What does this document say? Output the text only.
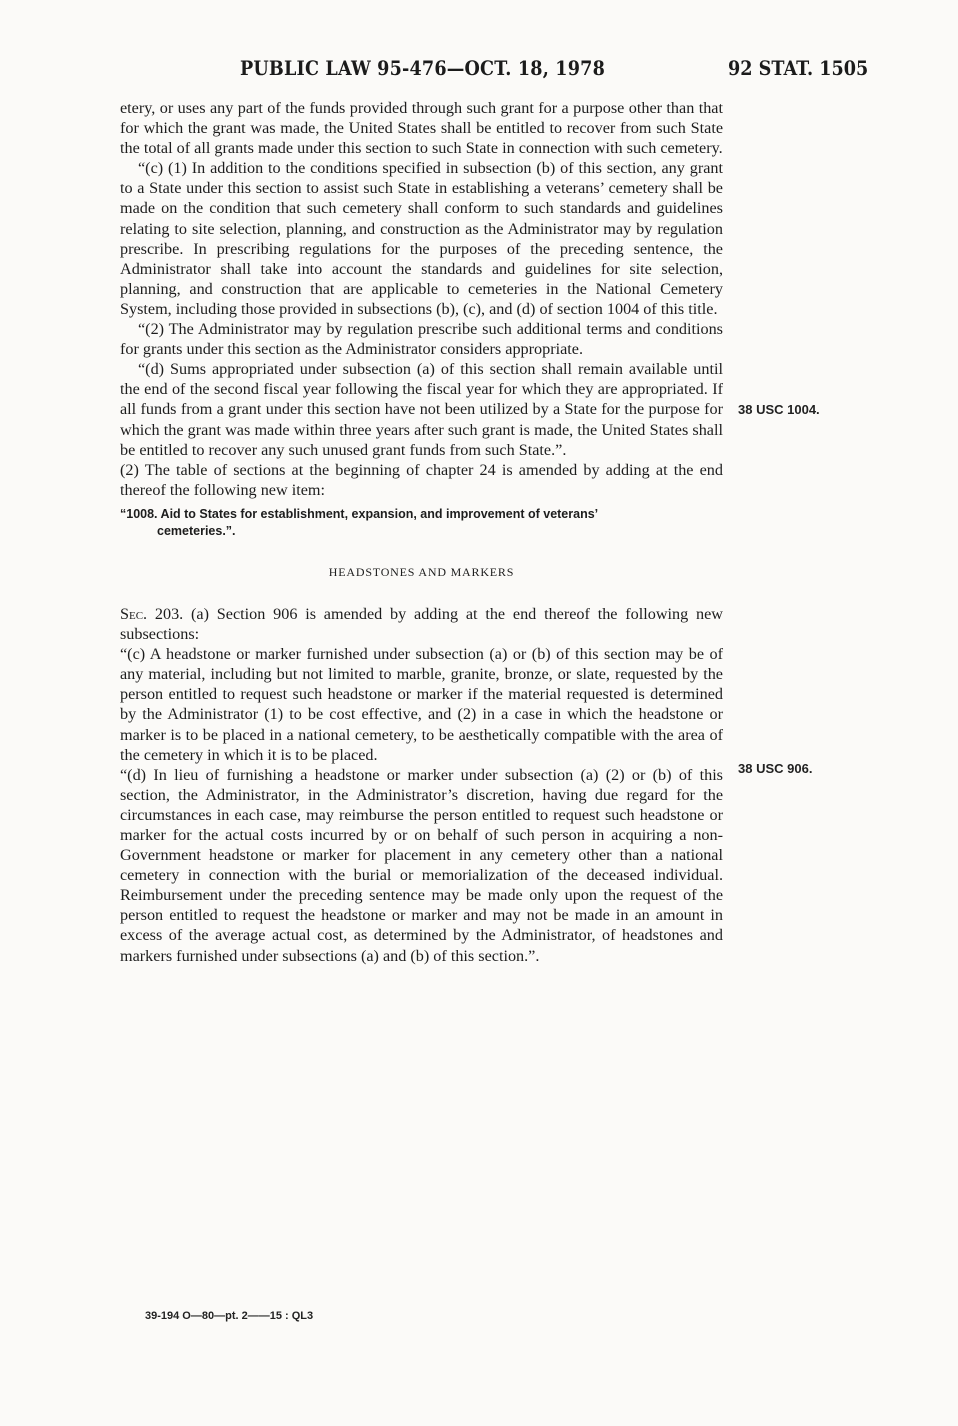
PUBLIC LAW 95-476—OCT. 18, 1978	92 STAT. 1505

etery, or uses any part of the funds provided through such grant for a purpose other than that for which the grant was made, the United States shall be entitled to recover from such State the total of all grants made under this section to such State in connection with such cemetery.

“(c) (1) In addition to the conditions specified in subsection (b) of this section, any grant to a State under this section to assist such State in establishing a veterans’ cemetery shall be made on the condition that such cemetery shall conform to such standards and guidelines relating to site selection, planning, and construction as the Administrator may by regulation prescribe. In prescribing regulations for the purposes of the preceding sentence, the Administrator shall take into account the standards and guidelines for site selection, planning, and construction that are applicable to cemeteries in the National Cemetery System, including those provided in subsections (b), (c), and (d) of section 1004 of this title.

“(2) The Administrator may by regulation prescribe such additional terms and conditions for grants under this section as the Administrator considers appropriate.

“(d) Sums appropriated under subsection (a) of this section shall remain available until the end of the second fiscal year following the fiscal year for which they are appropriated. If all funds from a grant under this section have not been utilized by a State for the purpose for which the grant was made within three years after such grant is made, the United States shall be entitled to recover any such unused grant funds from such State.”.

(2) The table of sections at the beginning of chapter 24 is amended by adding at the end thereof the following new item:

“1008. Aid to States for establishment, expansion, and improvement of veterans’
cemeteries.”.

HEADSTONES AND MARKERS

Sec. 203. (a) Section 906 is amended by adding at the end thereof the following new subsections:

“(c) A headstone or marker furnished under subsection (a) or (b) of this section may be of any material, including but not limited to marble, granite, bronze, or slate, requested by the person entitled to request such headstone or marker if the material requested is determined by the Administrator (1) to be cost effective, and (2) in a case in which the headstone or marker is to be placed in a national cemetery, to be aesthetically compatible with the area of the cemetery in which it is to be placed.

“(d) In lieu of furnishing a headstone or marker under subsection (a) (2) or (b) of this section, the Administrator, in the Administrator’s discretion, having due regard for the circumstances in each case, may reimburse the person entitled to request such headstone or marker for the actual costs incurred by or on behalf of such person in acquiring a non-Government headstone or marker for placement in any cemetery other than a national cemetery in connection with the burial or memorialization of the deceased individual. Reimbursement under the preceding sentence may be made only upon the request of the person entitled to request the headstone or marker and may not be made in an amount in excess of the average actual cost, as determined by the Administrator, of headstones and markers furnished under subsections (a) and (b) of this section.”.

38 USC 1004.
38 USC 906.
39-194 O—80—pt. 2——15 : QL3
